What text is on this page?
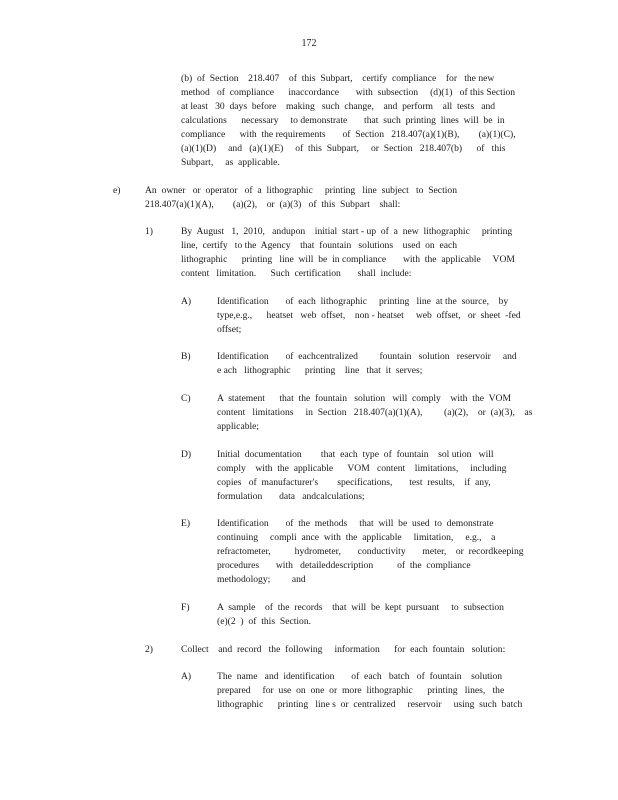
172
(b)  of  Section    218.407    of  this  Subpart,    certify  compliance    for   the new
method   of  compliance      inaccordance       with  subsection     (d)(1)   of this Section
at least   30  days  before    making   such  change,    and  perform    all  tests   and
calculations      necessary     to demonstrate       that  such  printing  lines  will  be  in
compliance      with  the requirements       of  Section   218.407(a)(1)(B),        (a)(1)(C),
(a)(1)(D)     and   (a)(1)(E)     of  this  Subpart,     or  Section   218.407(b)      of   this
Subpart,     as  applicable.
e)	An  owner   or  operator   of  a  lithographic     printing   line  subject   to  Section
218.407(a)(1)(A),        (a)(2),    or  (a)(3)   of  this  Subpart    shall:
1)	By  August   1,  2010,   andupon    initial  start - up  of  a  new  lithographic     printing
line,  certify   to the  Agency    that  fountain   solutions    used  on  each
lithographic      printing   line  will  be  in compliance       with  the  applicable     VOM
content   limitation.      Such  certification       shall  include:
A)	Identification       of  each  lithographic     printing   line  at the  source,    by
type,e.g.,      heatset   web  offset,    non - heatset     web  offset,   or  sheet  -fed
offset;
B)	Identification       of  eachcentralized         fountain   solution   reservoir     and
e ach   lithographic      printing    line   that  it  serves;
C)	A  statement      that  the  fountain   solution   will  comply    with  the  VOM
content   limitations     in  Section   218.407(a)(1)(A),         (a)(2),    or  (a)(3),    as
applicable;
D)	Initial  documentation        that  each  type  of  fountain    sol ution   will
comply    with  the  applicable      VOM   content    limitations,     including
copies   of  manufacturer's        specifications,       test  results,    if  any,
formulation       data   andcalculations;
E)	Identification       of  the  methods     that  will  be  used  to  demonstrate
continuing     compli  ance  with  the  applicable     limitation,     e.g.,    a
refractometer,          hydrometer,       conductivity       meter,    or  recordkeeping
procedures       with   detaileddescription          of  the  compliance
methodology;         and
F)	A  sample    of  the  records    that  will  be  kept  pursuant     to  subsection
(e)(2  )  of  this  Section.
2)	Collect    and  record   the  following     information      for  each  fountain   solution:
A)	The  name   and  identification       of  each   batch   of  fountain    solution
prepared     for  use  on  one  or  more  lithographic      printing   lines,   the
lithographic      printing   line s  or  centralized     reservoir     using  such  batch
